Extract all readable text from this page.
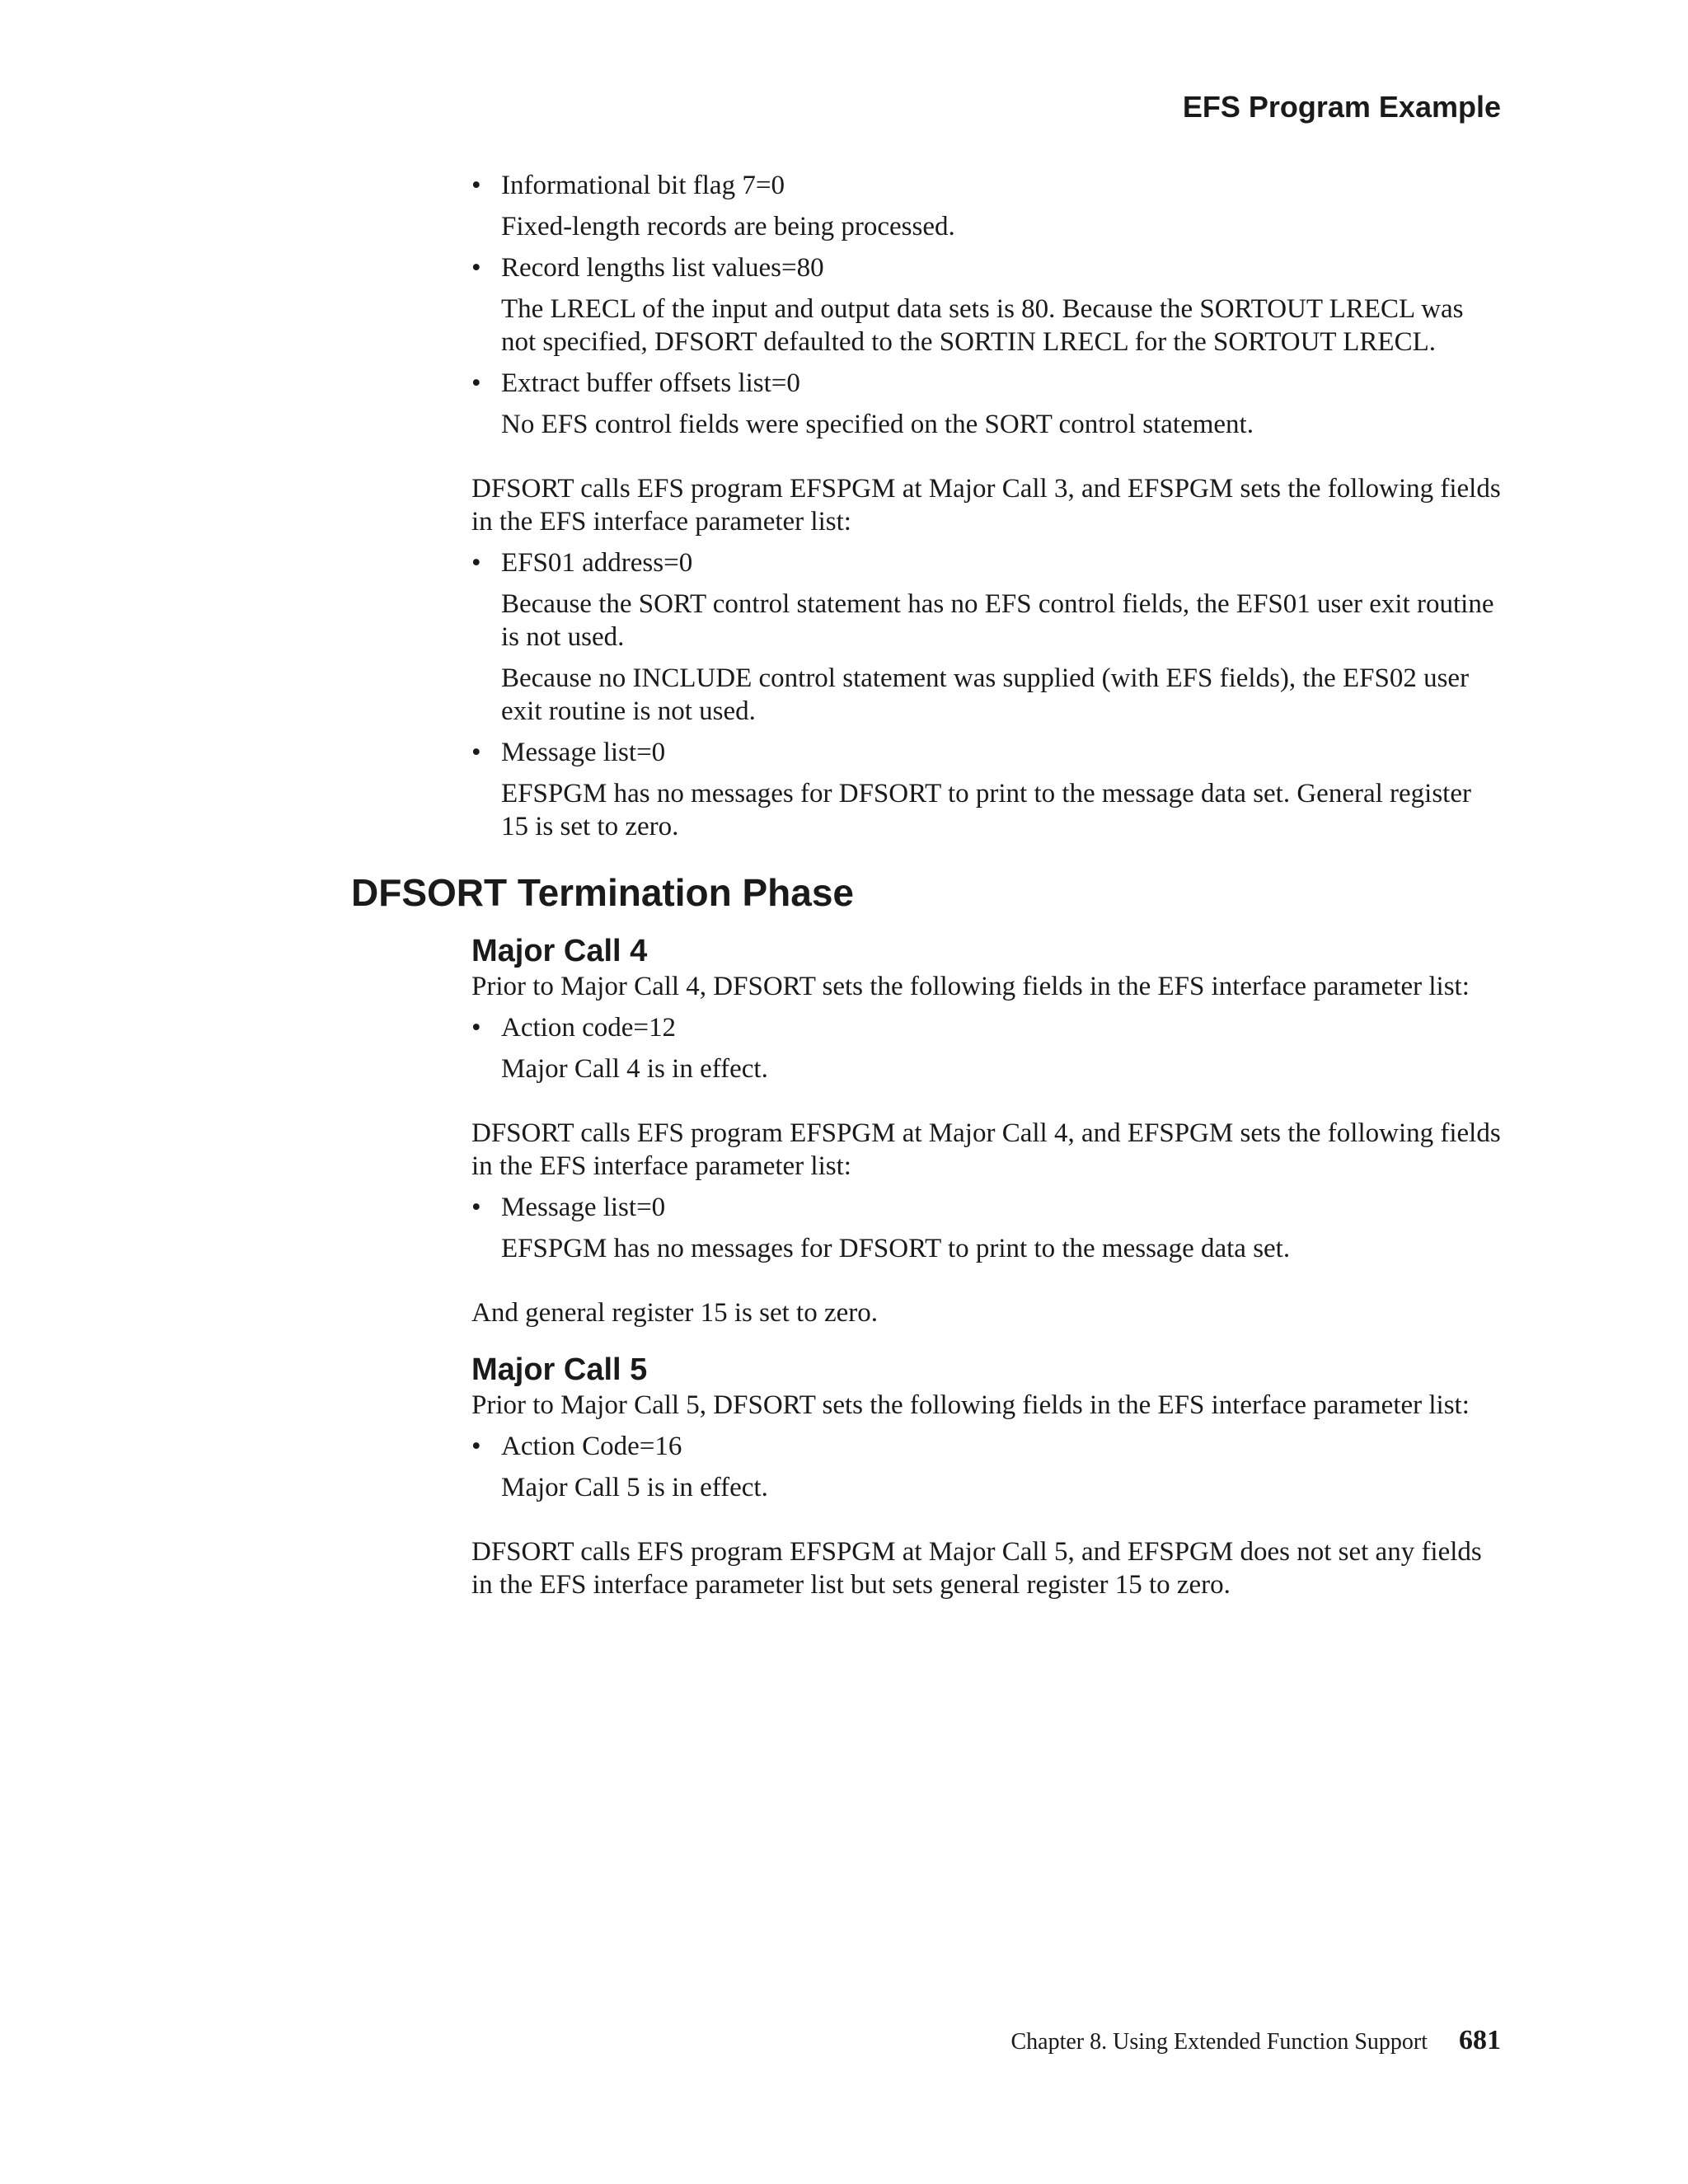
EFS Program Example
• Informational bit flag 7=0
Fixed-length records are being processed.
• Record lengths list values=80
The LRECL of the input and output data sets is 80. Because the SORTOUT LRECL was not specified, DFSORT defaulted to the SORTIN LRECL for the SORTOUT LRECL.
• Extract buffer offsets list=0
No EFS control fields were specified on the SORT control statement.

DFSORT calls EFS program EFSPGM at Major Call 3, and EFSPGM sets the following fields in the EFS interface parameter list:

• EFS01 address=0
Because the SORT control statement has no EFS control fields, the EFS01 user exit routine is not used.
Because no INCLUDE control statement was supplied (with EFS fields), the EFS02 user exit routine is not used.
• Message list=0
EFSPGM has no messages for DFSORT to print to the message data set. General register 15 is set to zero.
DFSORT Termination Phase
Major Call 4

Prior to Major Call 4, DFSORT sets the following fields in the EFS interface parameter list:

• Action code=12
Major Call 4 is in effect.

DFSORT calls EFS program EFSPGM at Major Call 4, and EFSPGM sets the following fields in the EFS interface parameter list:

• Message list=0
EFSPGM has no messages for DFSORT to print to the message data set.

And general register 15 is set to zero.

Major Call 5

Prior to Major Call 5, DFSORT sets the following fields in the EFS interface parameter list:

• Action Code=16
Major Call 5 is in effect.

DFSORT calls EFS program EFSPGM at Major Call 5, and EFSPGM does not set any fields in the EFS interface parameter list but sets general register 15 to zero.

Chapter 8. Using Extended Function Support 681
